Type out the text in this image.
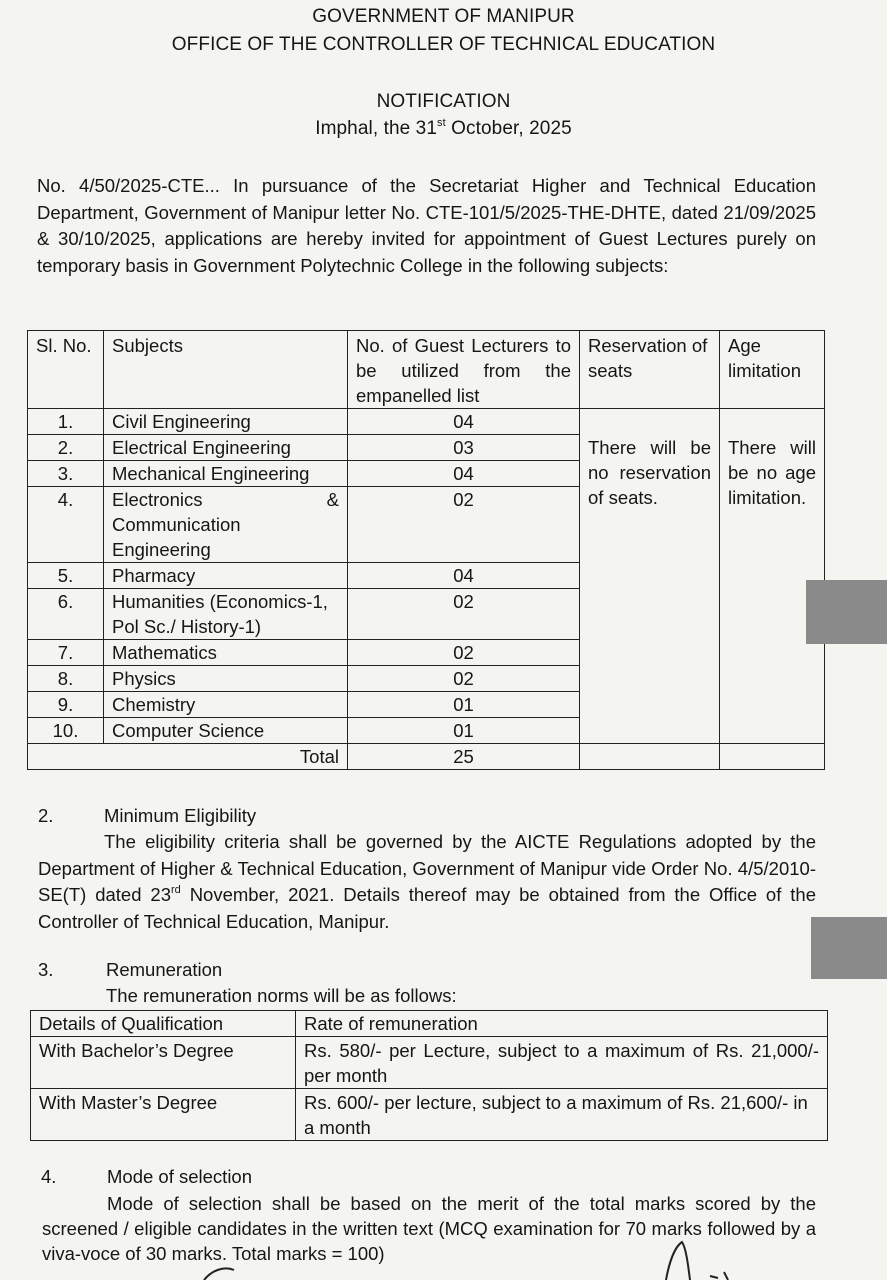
GOVERNMENT OF MANIPUR
OFFICE OF THE CONTROLLER OF TECHNICAL EDUCATION
NOTIFICATION
Imphal, the 31st October, 2025
No. 4/50/2025-CTE... In pursuance of the Secretariat Higher and Technical Education Department, Government of Manipur letter No. CTE-101/5/2025-THE-DHTE, dated 21/09/2025 & 30/10/2025, applications are hereby invited for appointment of Guest Lectures purely on temporary basis in Government Polytechnic College in the following subjects:
Sl. No.	Subjects	No. of Guest Lecturers to be utilized from the empanelled list	Reservation of seats	Age limitation
1.	Civil Engineering	04	There will be no reservation of seats.	There will be no age limitation.
2.	Electrical Engineering	03		
3.	Mechanical Engineering	04		
4.	Electronics & Communication Engineering	02		
5.	Pharmacy	04		
6.	Humanities (Economics-1, Pol Sc./ History-1)	02		
7.	Mathematics	02		
8.	Physics	02		
9.	Chemistry	01		
10.	Computer Science	01		
Total		25		
2.	Minimum Eligibility
The eligibility criteria shall be governed by the AICTE Regulations adopted by the Department of Higher & Technical Education, Government of Manipur vide Order No. 4/5/2010-SE(T) dated 23rd November, 2021. Details thereof may be obtained from the Office of the Controller of Technical Education, Manipur.
3.	Remuneration
The remuneration norms will be as follows:
Details of Qualification	Rate of remuneration
With Bachelor’s Degree	Rs. 580/- per Lecture, subject to a maximum of Rs. 21,000/- per month
With Master’s Degree	Rs. 600/- per lecture, subject to a maximum of Rs. 21,600/- in a month
4.	Mode of selection
Mode of selection shall be based on the merit of the total marks scored by the screened / eligible candidates in the written text (MCQ examination for 70 marks followed by a viva-voce of 30 marks. Total marks = 100)
